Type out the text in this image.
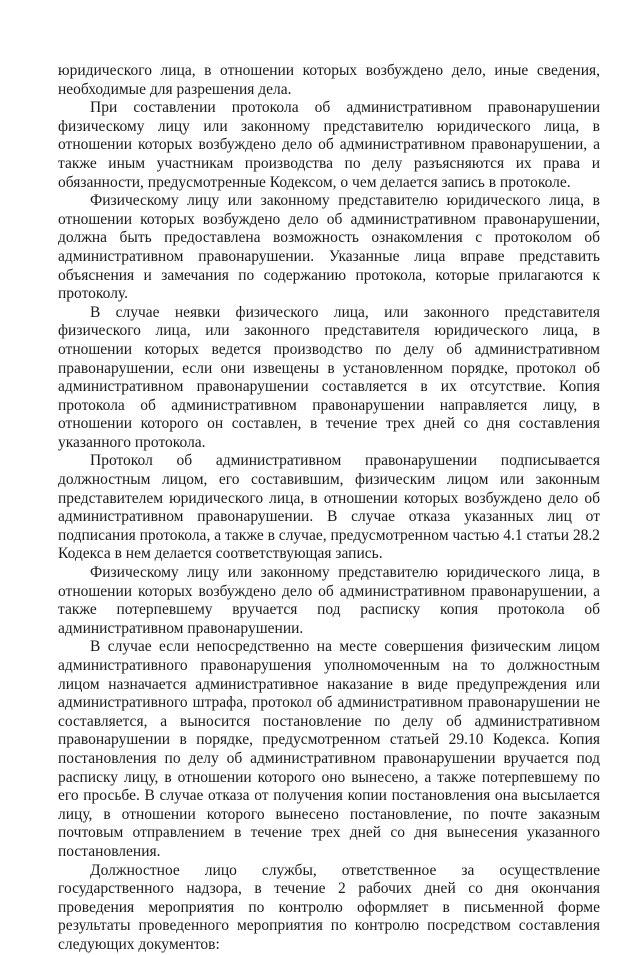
юридического лица, в отношении которых возбуждено дело, иные сведения, необходимые для разрешения дела.

При составлении протокола об административном правонарушении физическому лицу или законному представителю юридического лица, в отношении которых возбуждено дело об административном правонарушении, а также иным участникам производства по делу разъясняются их права и обязанности, предусмотренные Кодексом, о чем делается запись в протоколе.

Физическому лицу или законному представителю юридического лица, в отношении которых возбуждено дело об административном правонарушении, должна быть предоставлена возможность ознакомления с протоколом об административном правонарушении. Указанные лица вправе представить объяснения и замечания по содержанию протокола, которые прилагаются к протоколу.

В случае неявки физического лица, или законного представителя физического лица, или законного представителя юридического лица, в отношении которых ведется производство по делу об административном правонарушении, если они извещены в установленном порядке, протокол об административном правонарушении составляется в их отсутствие. Копия протокола об административном правонарушении направляется лицу, в отношении которого он составлен, в течение трех дней со дня составления указанного протокола.

Протокол об административном правонарушении подписывается должностным лицом, его составившим, физическим лицом или законным представителем юридического лица, в отношении которых возбуждено дело об административном правонарушении. В случае отказа указанных лиц от подписания протокола, а также в случае, предусмотренном частью 4.1 статьи 28.2 Кодекса в нем делается соответствующая запись.

Физическому лицу или законному представителю юридического лица, в отношении которых возбуждено дело об административном правонарушении, а также потерпевшему вручается под расписку копия протокола об административном правонарушении.

В случае если непосредственно на месте совершения физическим лицом административного правонарушения уполномоченным на то должностным лицом назначается административное наказание в виде предупреждения или административного штрафа, протокол об административном правонарушении не составляется, а выносится постановление по делу об административном правонарушении в порядке, предусмотренном статьей 29.10 Кодекса. Копия постановления по делу об административном правонарушении вручается под расписку лицу, в отношении которого оно вынесено, а также потерпевшему по его просьбе. В случае отказа от получения копии постановления она высылается лицу, в отношении которого вынесено постановление, по почте заказным почтовым отправлением в течение трех дней со дня вынесения указанного постановления.

Должностное лицо службы, ответственное за осуществление государственного надзора, в течение 2 рабочих дней со дня окончания проведения мероприятия по контролю оформляет в письменной форме результаты проведенного мероприятия по контролю посредством составления следующих документов:
